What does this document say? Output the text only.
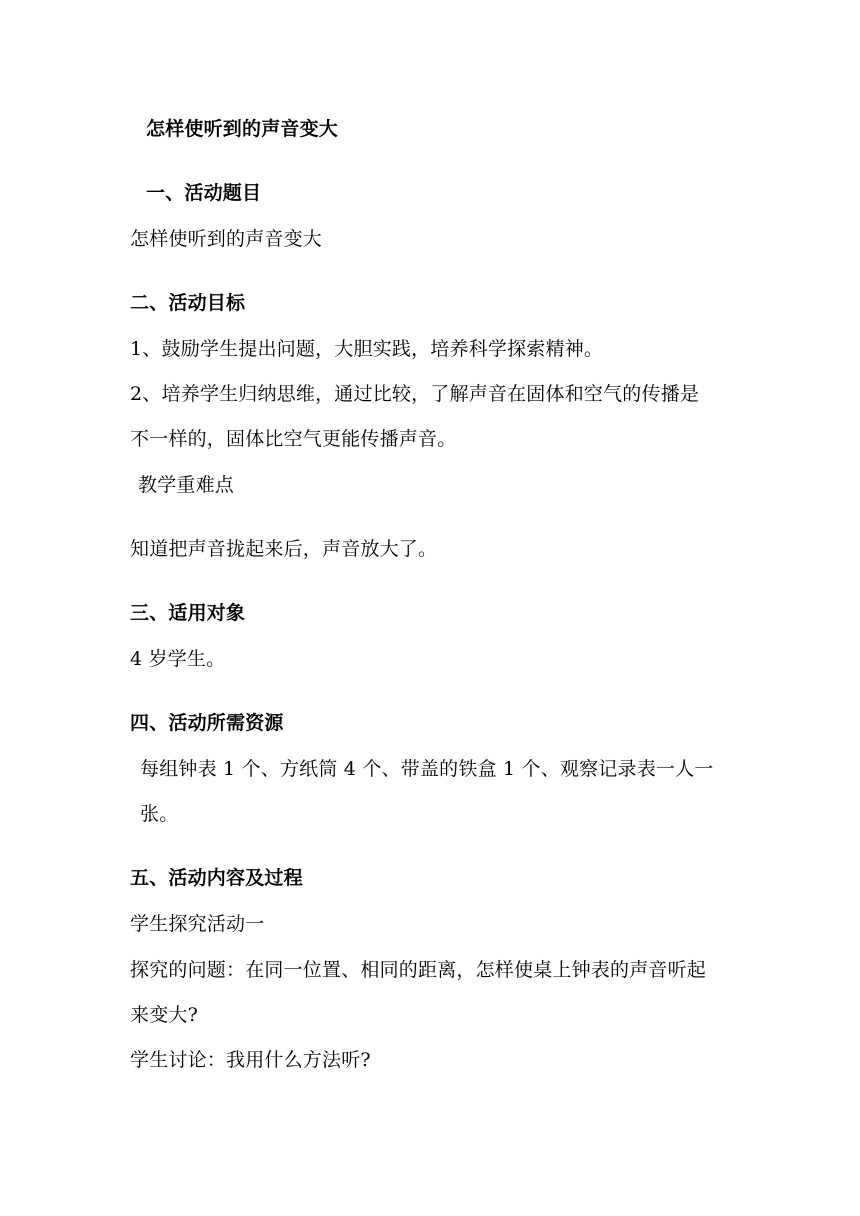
怎样使听到的声音变大
一、活动题目
怎样使听到的声音变大
二、活动目标
1、鼓励学生提出问题，大胆实践，培养科学探索精神。
2、培养学生归纳思维，通过比较，了解声音在固体和空气的传播是
不一样的，固体比空气更能传播声音。
教学重难点
知道把声音拢起来后，声音放大了。
三、适用对象
4 岁学生。
四、活动所需资源
每组钟表 1 个、方纸筒 4 个、带盖的铁盒 1 个、观察记录表一人一
张。
五、活动内容及过程
学生探究活动一
探究的问题：在同一位置、相同的距离，怎样使桌上钟表的声音听起
来变大?
学生讨论：我用什么方法听?
